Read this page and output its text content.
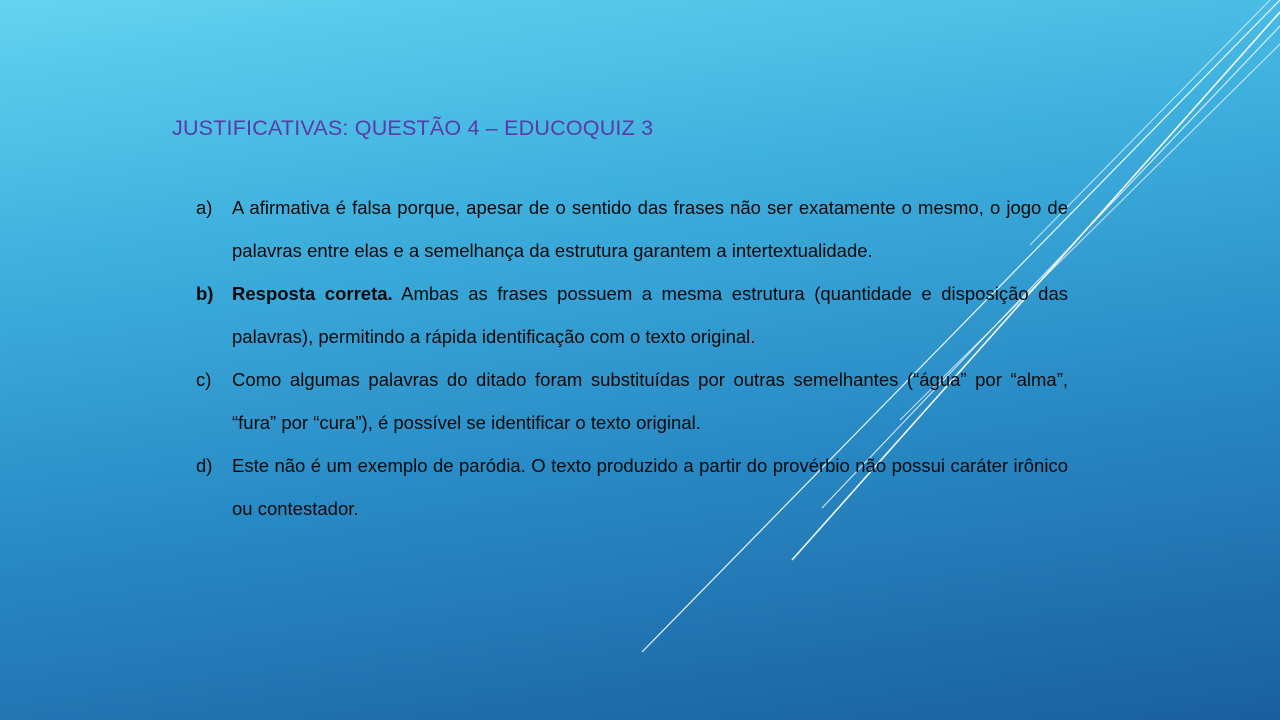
JUSTIFICATIVAS: QUESTÃO 4 – EDUCOQUIZ 3
a)	A afirmativa é falsa porque, apesar de o sentido das frases não ser exatamente o mesmo, o jogo de palavras entre elas e a semelhança da estrutura garantem a intertextualidade.
b)	Resposta correta. Ambas as frases possuem a mesma estrutura (quantidade e disposição das palavras), permitindo a rápida identificação com o texto original.
c)	Como algumas palavras do ditado foram substituídas por outras semelhantes (“água” por “alma”, “fura” por “cura”), é possível se identificar o texto original.
d)	Este não é um exemplo de paródia. O texto produzido a partir do provérbio não possui caráter irônico ou contestador.
